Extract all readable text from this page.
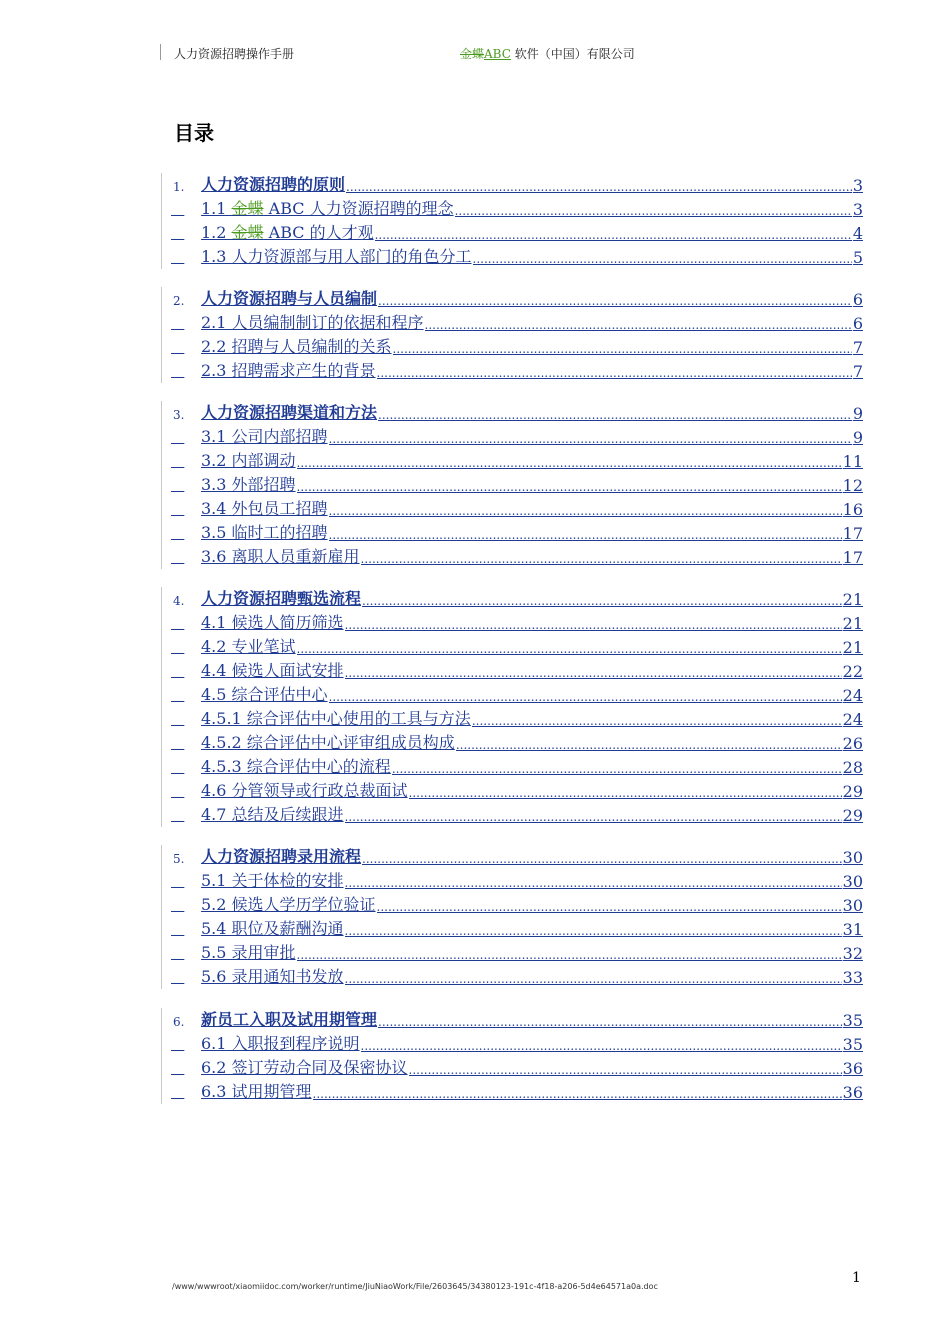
人力资源招聘操作手册	金蝶ABC 软件（中国）有限公司
目录
1. 人力资源招聘的原则 .....	3

1.1 金蝶 ABC 人力资源招聘的理念 .....	3

1.2 金蝶 ABC 的人才观 .....	4

1.3 人力资源部与用人部门的角色分工 .....	5
2. 人力资源招聘与人员编制 .....	6

2.1 人员编制制订的依据和程序 .....	6

2.2 招聘与人员编制的关系 .....	7

2.3 招聘需求产生的背景 .....	7
3. 人力资源招聘渠道和方法 .....	9

3.1 公司内部招聘 .....	9

3.2 内部调动 .....	11

3.3 外部招聘 .....	12

3.4 外包员工招聘 .....	16

3.5 临时工的招聘 .....	17

3.6 离职人员重新雇用 .....	17
4. 人力资源招聘甄选流程 .....	21

4.1 候选人简历筛选 .....	21

4.2 专业笔试 .....	21

4.4 候选人面试安排 .....	22

4.5 综合评估中心 .....	24

4.5.1 综合评估中心使用的工具与方法 .....	24

4.5.2 综合评估中心评审组成员构成 .....	26

4.5.3 综合评估中心的流程 .....	28

4.6 分管领导或行政总裁面试 .....	29

4.7 总结及后续跟进 .....	29
5. 人力资源招聘录用流程 .....	30

5.1 关于体检的安排 .....	30

5.2 候选人学历学位验证 .....	30

5.4 职位及薪酬沟通 .....	31

5.5 录用审批 .....	32

5.6 录用通知书发放 .....	33
6. 新员工入职及试用期管理 .....	35

6.1 入职报到程序说明 .....	35

6.2 签订劳动合同及保密协议 .....	36

6.3 试用期管理 .....	36
/www/wwwroot/xiaomiidoc.com/worker/runtime/JiuNiaoWork/File/2603645/34380123-191c-4f18-a206-5d4e64571a0a.doc
1
